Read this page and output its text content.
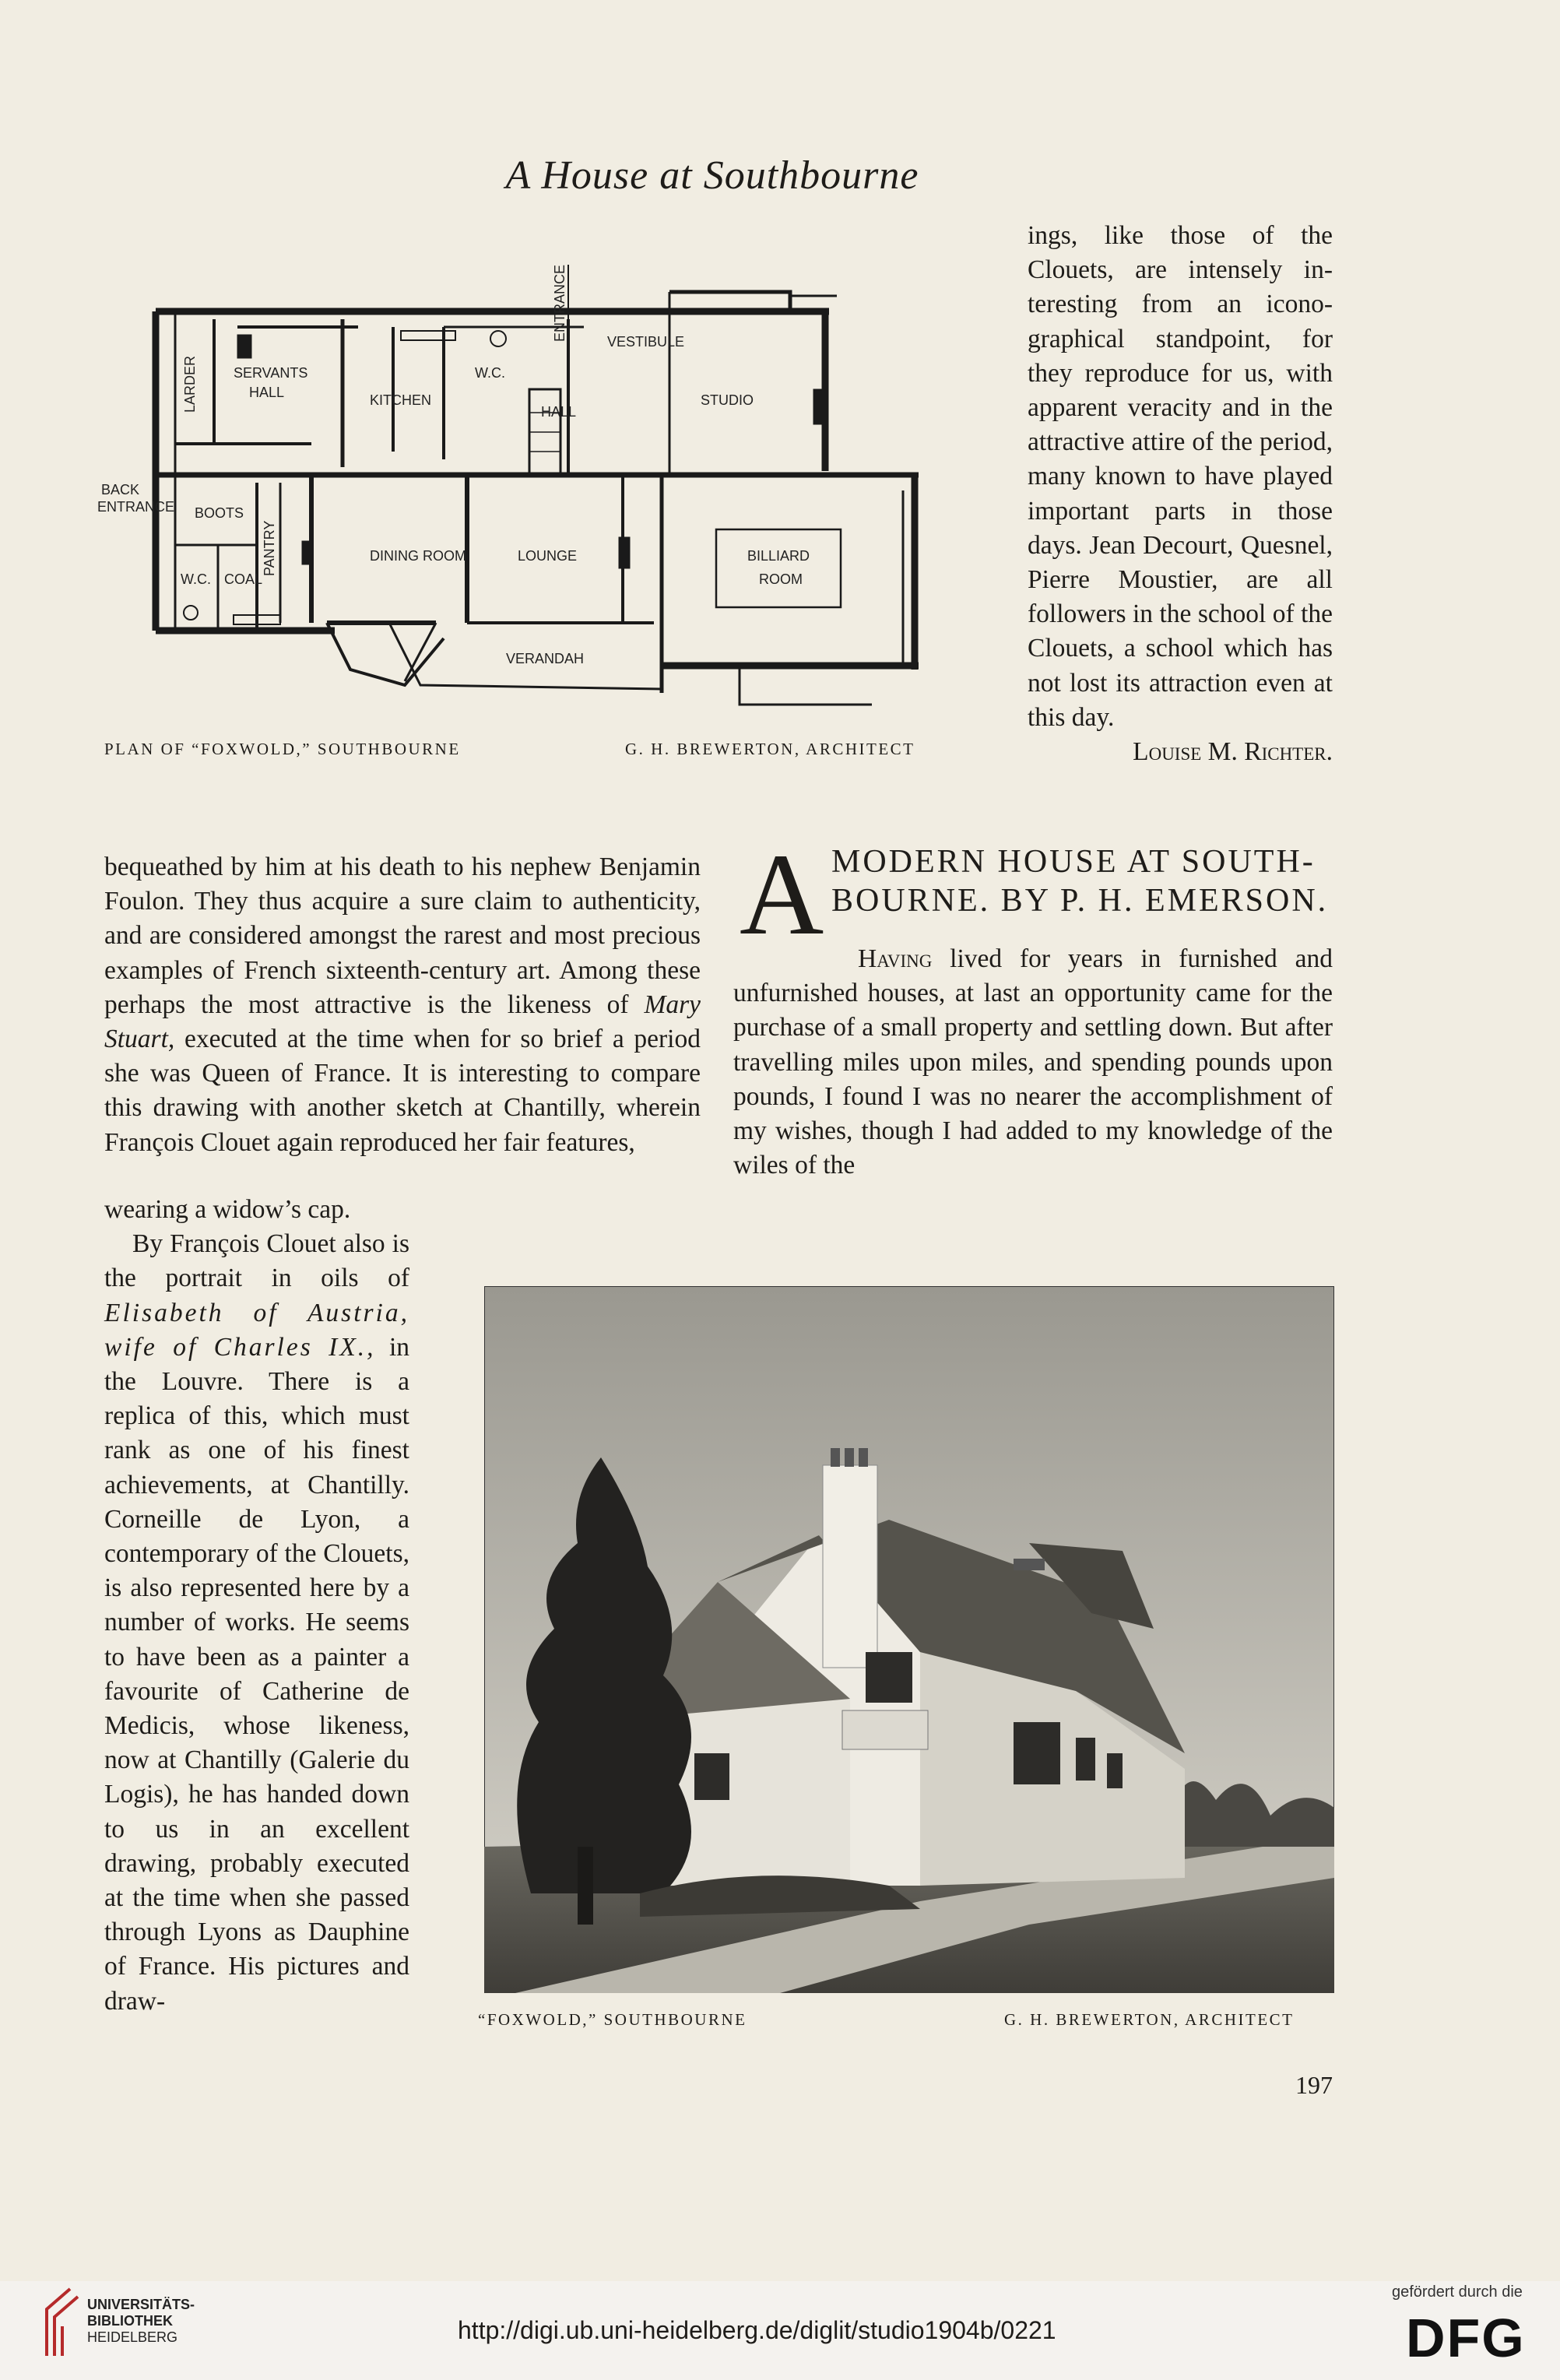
A House at Southbourne
ENTRANCE	VESTIBULE
LARDER	SERVANTS
HALL	KITCHEN
W.C.
HALL
STUDIO
BACK
ENTRANCE BOOTS
PANTRY	DINING ROOM	LOUNGE	BILLIARD
ROOM
W.C. COAL
VERANDAH
PLAN OF “FOXWOLD,” SOUTHBOURNE	G. H. BREWERTON, ARCHITECT

ings, like those of the Clouets, are intensely interesting from an iconographical standpoint, for they reproduce for us, with apparent veracity and in the attractive attire of the period, many known to have played important parts in those days. Jean Decourt, Quesnel, Pierre Moustier, are all followers in the school of the Clouets, a school which has not lost its attraction even at this day.

Louise M. Richter.

bequeathed by him at his death to his nephew Benjamin Foulon. They thus acquire a sure claim to authenticity, and are considered amongst the rarest and most precious examples of French sixteenth-century art. Among these perhaps the most attractive is the likeness of Mary Stuart, executed at the time when for so brief a period she was Queen of France. It is interesting to compare this drawing with another sketch at Chantilly, wherein François Clouet again reproduced her fair features,

wearing a widow’s cap.

By François Clouet also is the portrait in oils of Elisabeth of Austria, wife of Charles IX., in the Louvre. There is a replica of this, which must rank as one of his finest achievements, at Chantilly. Corneille de Lyon, a contemporary of the Clouets, is also represented here by a number of works. He seems to have been as a painter a favourite of Catherine de Medicis, whose likeness, now at Chantilly (Galerie du Logis), he has handed down to us in an excellent drawing, probably executed at the time when she passed through Lyons as Dauphine of France. His pictures and draw-

A MODERN HOUSE AT SOUTH-
BOURNE. BY P. H. EMERSON.

Having lived for years in furnished and unfurnished houses, at last an opportunity came for the purchase of a small property and settling down. But after travelling miles upon miles, and spending pounds upon pounds, I found I was no nearer the accomplishment of my wishes, though I had added to my knowledge of the wiles of the

“FOXWOLD,” SOUTHBOURNE	G. H. BREWERTON, ARCHITECT
197
UNIVERSITÄTS-
BIBLIOTHEK
HEIDELBERG	http://digi.ub.uni-heidelberg.de/diglit/studio1904b/0221
gefördert durch die
DFG
